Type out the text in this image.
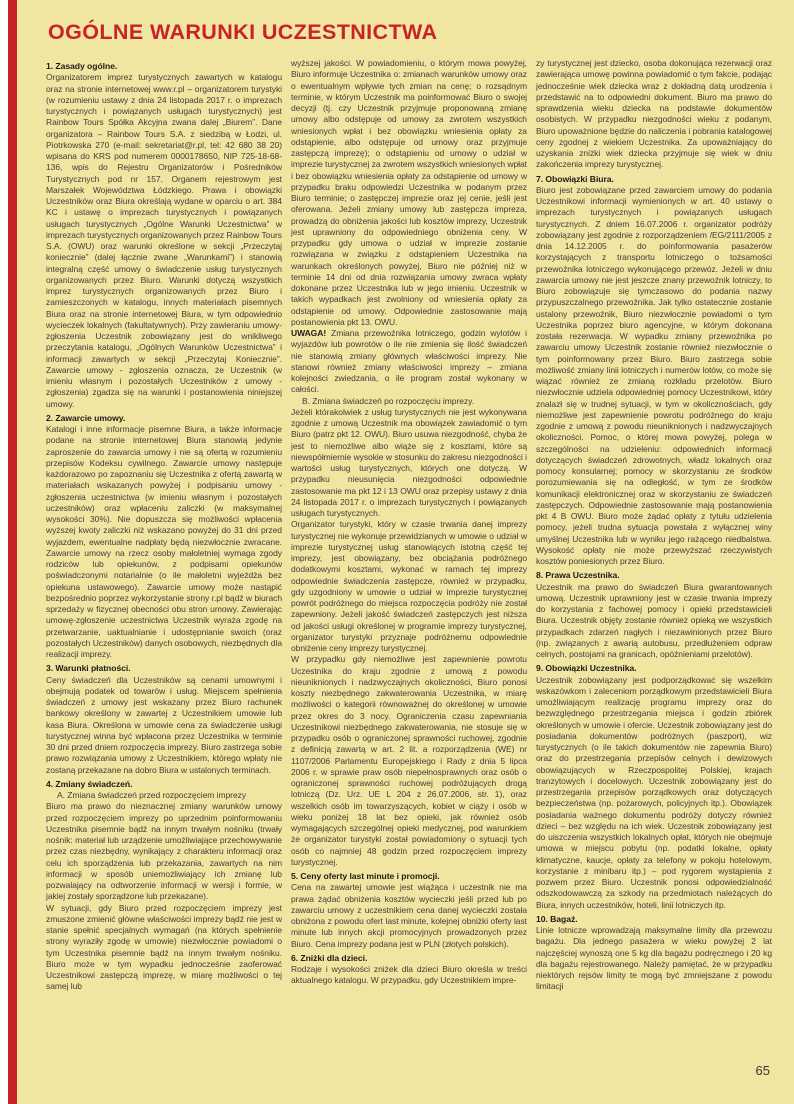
OGÓLNE WARUNKI UCZESTNICTWA
1. Zasady ogólne.

Organizatorem imprez turystycznych zawartych w katalogu oraz na stronie internetowej www.r.pl – organizatorem turystyki (w rozumieniu ustawy z dnia 24 listopada 2017 r. o imprezach turystycznych i powiązanych usługach turystycznych) jest Rainbow Tours Spółka Akcyjna zwana dalej „Biurem”. Dane organizatora – Rainbow Tours S.A. z siedzibą w Łodzi, ul. Piotrkowska 270 (e-mail: sekretariat@r.pl, tel: 42 680 38 20) wpisana do KRS pod numerem 0000178650, NIP 725-18-68-136, wpis do Rejestru Organizatorów i Pośredników Turystycznych pod nr 157. Organem rejestrowym jest Marszałek Województwa Łódzkiego. Prawa i obowiązki Uczestników oraz Biura określają wydane w oparciu o art. 384 KC i ustawę o imprezach turystycznych i powiązanych usługach turystycznych „Ogólne Warunki Uczestnictwa” w imprezach turystycznych organizowanych przez Rainbow Tours S.A. (OWU) oraz warunki określone w sekcji „Przeczytaj koniecznie” (dalej łącznie zwane „Warunkami”) i stanowią integralną część umowy o świadczenie usług turystycznych organizowanych przez Biuro. Warunki dotyczą wszystkich imprez turystycznych organizowanych przez Biuro i zamieszczonych w katalogu, innych materiałach pisemnych Biura oraz na stronie internetowej Biura, w tym odpowiednio wycieczek lokalnych (fakultatywnych). Przy zawieraniu umowy-zgłoszenia Uczestnik zobowiązany jest do wnikliwego przeczytania katalogu, „Ogólnych Warunków Uczestnictwa” i informacji zawartych w sekcji „Przeczytaj Koniecznie”. Zawarcie umowy - zgłoszenia oznacza, że Uczestnik (w imieniu własnym i pozostałych Uczestników z umowy - zgłoszenia) zgadza się na warunki i postanowienia niniejszej umowy.

2. Zawarcie umowy.

Katalogi i inne informacje pisemne Biura, a także informacje podane na stronie internetowej Biura stanowią jedynie zaproszenie do zawarcia umowy i nie są ofertą w rozumieniu przepisów Kodeksu cywilnego. Zawarcie umowy następuje każdorazowo po zapoznaniu się Uczestnika z ofertą zawartą w materiałach wskazanych powyżej i podpisaniu umowy - zgłoszenia uczestnictwa (w imieniu własnym i pozostałych uczestników) oraz wpłaceniu zaliczki (w maksymalnej wysokości 30%). Nie dopuszcza się możliwości wpłacenia wyższej kwoty zaliczki niż wskazano powyżej do 31 dni przed wyjazdem, ewentualne nadpłaty będą niezwłocznie zwracane. Zawarcie umowy na rzecz osoby małoletniej wymaga zgody rodziców lub opiekunów, z podpisami opiekunów poświadczonymi notarialnie (o ile małoletni wyjeżdża bez opiekuna ustawowego). Zawarcie umowy może nastąpić bezpośrednio poprzez wykorzystanie strony r.pl bądź w biurach sprzedaży w fizycznej obecności obu stron umowy. Zawierając umowę-zgłoszenie uczestnictwa Uczestnik wyraża zgodę na przetwarzanie, uaktualnianie i udostępnianie swoich (oraz pozostałych Uczestników) danych osobowych, niezbędnych dla realizacji imprezy.

3. Warunki płatności.

Ceny świadczeń dla Uczestników są cenami umownymi i obejmują podatek od towarów i usług. Miejscem spełnienia świadczeń z umowy jest wskazany przez Biuro rachunek bankowy określony w zawartej z Uczestnikiem umowie lub kasa Biura. Określona w umowie cena za świadczenie usługi turystycznej winna być wpłacona przez Uczestnika w terminie 30 dni przed dniem rozpoczęcia imprezy. Biuro zastrzega sobie prawo rozwiązania umowy z Uczestnikiem, którego wpłaty nie zostaną przekazane na dobro Biura w ustalonych terminach.

4. Zmiany świadczeń.
A. Zmiana świadczeń przed rozpoczęciem imprezy

Biuro ma prawo do nieznacznej zmiany warunków umowy przed rozpoczęciem imprezy po uprzednim poinformowaniu Uczestnika pisemnie bądź na innym trwałym nośniku (trwały nośnik: materiał lub urządzenie umożliwiające przechowywanie przez czas niezbędny, wynikający z charakteru informacji oraz celu ich sporządzenia lub przekazania, zawartych na nim informacji w sposób uniemożliwiający ich zmianę lub pozwalający na odtworzenie informacji w wersji i formie, w jakiej zostały sporządzone lub przekazane).

W sytuacji, gdy Biuro przed rozpoczęciem imprezy jest zmuszone zmienić główne właściwości imprezy bądź nie jest w stanie spełnić specjalnych wymagań (na których spełnienie strony wyraziły zgodę w umowie) niezwłocznie powiadomi o tym Uczestnika pisemnie bądź na innym trwałym nośniku. Biuro może w tym wypadku jednocześnie zaoferować Uczestnikowi zastępczą imprezę, w miarę możliwości o tej samej lub

wyższej jakości. W powiadomieniu, o którym mowa powyżej, Biuro informuje Uczestnika o: zmianach warunków umowy oraz o ewentualnym wpływie tych zmian na cenę; o rozsądnym terminie, w którym Uczestnik ma poinformować Biuro o swojej decyzji (tj. czy Uczestnik przyjmuje proponowaną zmianę umowy albo odstępuje od umowy za zwrotem wszystkich wniesionych wpłat i bez obowiązku wniesienia opłaty za odstąpienie, albo odstępuje od umowy oraz przyjmuje zastępczą imprezę); o odstąpieniu od umowy o udział w imprezie turystycznej za zwrotem wszystkich wniesionych wpłat i bez obowiązku wniesienia opłaty za odstąpienie od umowy w przypadku braku odpowiedzi Uczestnika w podanym przez Biuro terminie; o zastępczej imprezie oraz jej cenie, jeśli jest oferowana. Jeżeli zmiany umowy lub zastępcza impreza, prowadzą do obniżenia jakości lub kosztów imprezy, Uczestnik jest uprawniony do odpowiedniego obniżenia ceny. W przypadku gdy umowa o udział w imprezie zostanie rozwiązana w związku z odstąpieniem Uczestnika na warunkach określonych powyżej, Biuro nie później niż w terminie 14 dni od dnia rozwiązania umowy zwraca wpłaty dokonane przez Uczestnika lub w jego imieniu. Uczestnik w takich wypadkach jest zwolniony od wniesienia opłaty za odstąpienie od umowy. Odpowiednie zastosowanie mają postanowienia pkt 13. OWU.

UWAGA! Zmiana przewoźnika lotniczego, godzin wylotów i wyjazdów lub powrotów o ile nie zmienia się ilość świadczeń nie stanowią zmiany głównych właściwości imprezy. Nie stanowi również zmiany właściwości imprezy – zmiana kolejności zwiedzania, o ile program został wykonany w całości.

B. Zmiana świadczeń po rozpoczęciu imprezy.

Jeżeli którakolwiek z usług turystycznych nie jest wykonywana zgodnie z umową Uczestnik ma obowiązek zawiadomić o tym Biuro (patrz pkt 12. OWU). Biuro usuwa niezgodność, chyba że jest to niemożliwe albo wiąże się z kosztami, które są niewspółmiernie wysokie w stosunku do zakresu niezgodności i wartości usług turystycznych, których one dotyczą. W przypadku nieusunięcia niezgodności odpowiednie zastosowanie ma pkt 12 i 13 OWU oraz przepisy ustawy z dnia 24 listopada 2017 r. o imprezach turystycznych i powiązanych usługach turystycznych.

Organizator turystyki, który w czasie trwania danej imprezy turystycznej nie wykonuje przewidzianych w umowie o udział w imprezie turystycznej usług stanowiących istotną część tej imprezy, jest obowiązany, bez obciążania podróżnego dodatkowymi kosztami, wykonać w ramach tej imprezy odpowiednie świadczenia zastępcze, również w przypadku, gdy uzgodniony w umowie o udział w imprezie turystycznej powrót podróżnego do miejsca rozpoczęcia podróży nie został zapewniony. Jeżeli jakość świadczeń zastępczych jest niższa od jakości usługi określonej w programie imprezy turystycznej, organizator turystyki przyznaje podróżnemu odpowiednie obniżenie ceny imprezy turystycznej.

W przypadku gdy niemożliwe jest zapewnienie powrotu Uczestnika do kraju zgodnie z umową z powodu nieuniknionych i nadzwyczajnych okoliczności, Biuro ponosi koszty niezbędnego zakwaterowania Uczestnika, w miarę możliwości o kategorii równoważnej do określonej w umowie przez okres do 3 nocy. Ograniczenia czasu zapewniania Uczestnikowi niezbędnego zakwaterowania, nie stosuje się w przypadku osób o ograniczonej sprawności ruchowej, zgodnie z definicją zawartą w art. 2 lit. a rozporządzenia (WE) nr 1107/2006 Parlamentu Europejskiego i Rady z dnia 5 lipca 2006 r. w sprawie praw osób niepełnosprawnych oraz osób o ograniczonej sprawności ruchowej podróżujących drogą lotniczą (Dz. Urz. UE L 204 z 26.07.2006, str. 1), oraz wszelkich osób im towarzyszących, kobiet w ciąży i osób w wieku poniżej 18 lat bez opieki, jak również osób wymagających szczególnej opieki medycznej, pod warunkiem że organizator turystyki został powiadomiony o sytuacji tych osób co najmniej 48 godzin przed rozpoczęciem imprezy turystycznej.

5. Ceny oferty last minute i promocji.

Cena na zawartej umowie jest wiążąca i uczestnik nie ma prawa żądać obniżenia kosztów wycieczki jeśli przed lub po zawarciu umowy z uczestnikiem cena danej wycieczki została obniżona z powodu ofert last minute, kolejnej obniżki oferty last minute lub innych akcji promocyjnych prowadzonych przez Biuro. Cena imprezy podana jest w PLN (złotych polskich).

6. Zniżki dla dzieci.

Rodzaje i wysokości zniżek dla dzieci Biuro określa w treści aktualnego katalogu. W przypadku, gdy Uczestnikiem impre-

zy turystycznej jest dziecko, osoba dokonująca rezerwacji oraz zawierająca umowę powinna powiadomić o tym fakcie, podając jednocześnie wiek dziecka wraz z dokładną datą urodzenia i przedstawić na to odpowiedni dokument. Biuro ma prawo do sprawdzenia wieku dziecka na podstawie dokumentów osobistych. W przypadku niezgodności wieku z podanym, Biuro upoważnione będzie do naliczenia i pobrania katalogowej ceny zgodnej z wiekiem Uczestnika. Za upoważniający do uzyskania zniżki wiek dziecka przyjmuje się wiek w dniu zakończenia imprezy turystycznej.

7. Obowiązki Biura.

Biuro jest zobowiązane przed zawarciem umowy do podania Uczestnikowi informacji wymienionych w art. 40 ustawy o imprezach turystycznych i powiązanych usługach turystycznych. Z dniem 16.07.2006 r. organizator podróży zobowiązany jest zgodnie z rozporządzeniem /EG/2111/2005 z dnia 14.12.2005 r. do poinformowania pasażerów korzystających z transportu lotniczego o tożsamości przewoźnika lotniczego wykonującego przewóz. Jeżeli w dniu zawarcia umowy nie jest jeszcze znany przewoźnik lotniczy, to Biuro zobowiązuje się tymczasowo do podania nazwy przypuszczalnego przewoźnika. Jak tylko ostatecznie zostanie ustalony przewoźnik, Biuro niezwłocznie powiadomi o tym Uczestnika poprzez biuro agencyjne, w którym dokonana została rezerwacja. W wypadku zmiany przewoźnika po zawarciu umowy Uczestnik zostanie również niezwłocznie o tym poinformowany przez Biuro. Biuro zastrzega sobie możliwość zmiany linii lotniczych i numerów lotów, co może się wiązać również ze zmianą rozkładu przelotów. Biuro niezwłocznie udziela odpowiedniej pomocy Uczestnikowi, który znalazł się w trudnej sytuacji, w tym w okolicznościach, gdy niemożliwe jest zapewnienie powrotu podróżnego do kraju zgodnie z umową z powodu nieuniknionych i nadzwyczajnych okoliczności. Pomoc, o której mowa powyżej, polega w szczególności na udzieleniu: odpowiednich informacji dotyczących świadczeń zdrowotnych, władz lokalnych oraz pomocy konsularnej; pomocy w skorzystaniu ze środków porozumiewania się na odległość, w tym ze środków komunikacji elektronicznej oraz w skorzystaniu ze świadczeń zastępczych. Odpowiednie zastosowanie mają postanowienia pkt 4 B OWU. Biuro może żądać opłaty z tytułu udzielenia pomocy, jeżeli trudna sytuacja powstała z wyłącznej winy umyślnej Uczestnika lub w wyniku jego rażącego niedbalstwa. Wysokość opłaty nie może przewyższać rzeczywistych kosztów poniesionych przez Biuro.

8. Prawa Uczestnika.

Uczestnik ma prawo do świadczeń Biura gwarantowanych umową. Uczestnik uprawniony jest w czasie trwania imprezy do korzystania z fachowej pomocy i opieki przedstawicieli Biura. Uczestnik objęty zostanie również opieką we wszystkich przypadkach zdarzeń nagłych i niezawinionych przez Biuro (np. związanych z awarią autobusu, przedłużeniem odpraw celnych, postojami na granicach, opóźnieniami przelotów).

9. Obowiązki Uczestnika.

Uczestnik zobowiązany jest podporządkować się wszelkim wskazówkom i zaleceniom porządkowym przedstawicieli Biura umożliwiającym realizację programu imprezy oraz do bezwzględnego przestrzegania miejsca i godzin zbiórek określonych w umowie i ofercie. Uczestnik zobowiązany jest do posiadania dokumentów podróżnych (paszport), wiz turystycznych (o ile takich dokumentów nie zapewnia Biuro) oraz do przestrzegania przepisów celnych i dewizowych obowiązujących w Rzeczpospolitej Polskiej, krajach tranzytowych i docelowych. Uczestnik zobowiązany jest do przestrzegania przepisów porządkowych oraz dotyczących bezpieczeństwa (np. pożarowych, policyjnych itp.). Obowiązek posiadania ważnego dokumentu podróży dotyczy również dzieci – bez względu na ich wiek. Uczestnik zobowiązany jest do uiszczenia wszystkich lokalnych opłat, których nie obejmuje umowa w miejscu pobytu (np. podatki lokalne, opłaty klimatyczne, kaucje, opłaty za telefony w pokoju hotelowym, korzystanie z minibaru itp.) – pod rygorem wystąpienia z pozwem przez Biuro. Uczestnik ponosi odpowiedzialność odszkodowawczą za szkody na przedmiotach należących do Biura, innych uczestników, hoteli, linii lotniczych itp.

10. Bagaż.

Linie lotnicze wprowadzają maksymalne limity dla przewozu bagażu. Dla jednego pasażera w wieku powyżej 2 lat najczęściej wynoszą one 5 kg dla bagażu podręcznego i 20 kg dla bagażu rejestrowanego. Należy pamiętać, że w przypadku niektórych rejsów limity te mogą być zmniejszane z powodu limitacji

65
